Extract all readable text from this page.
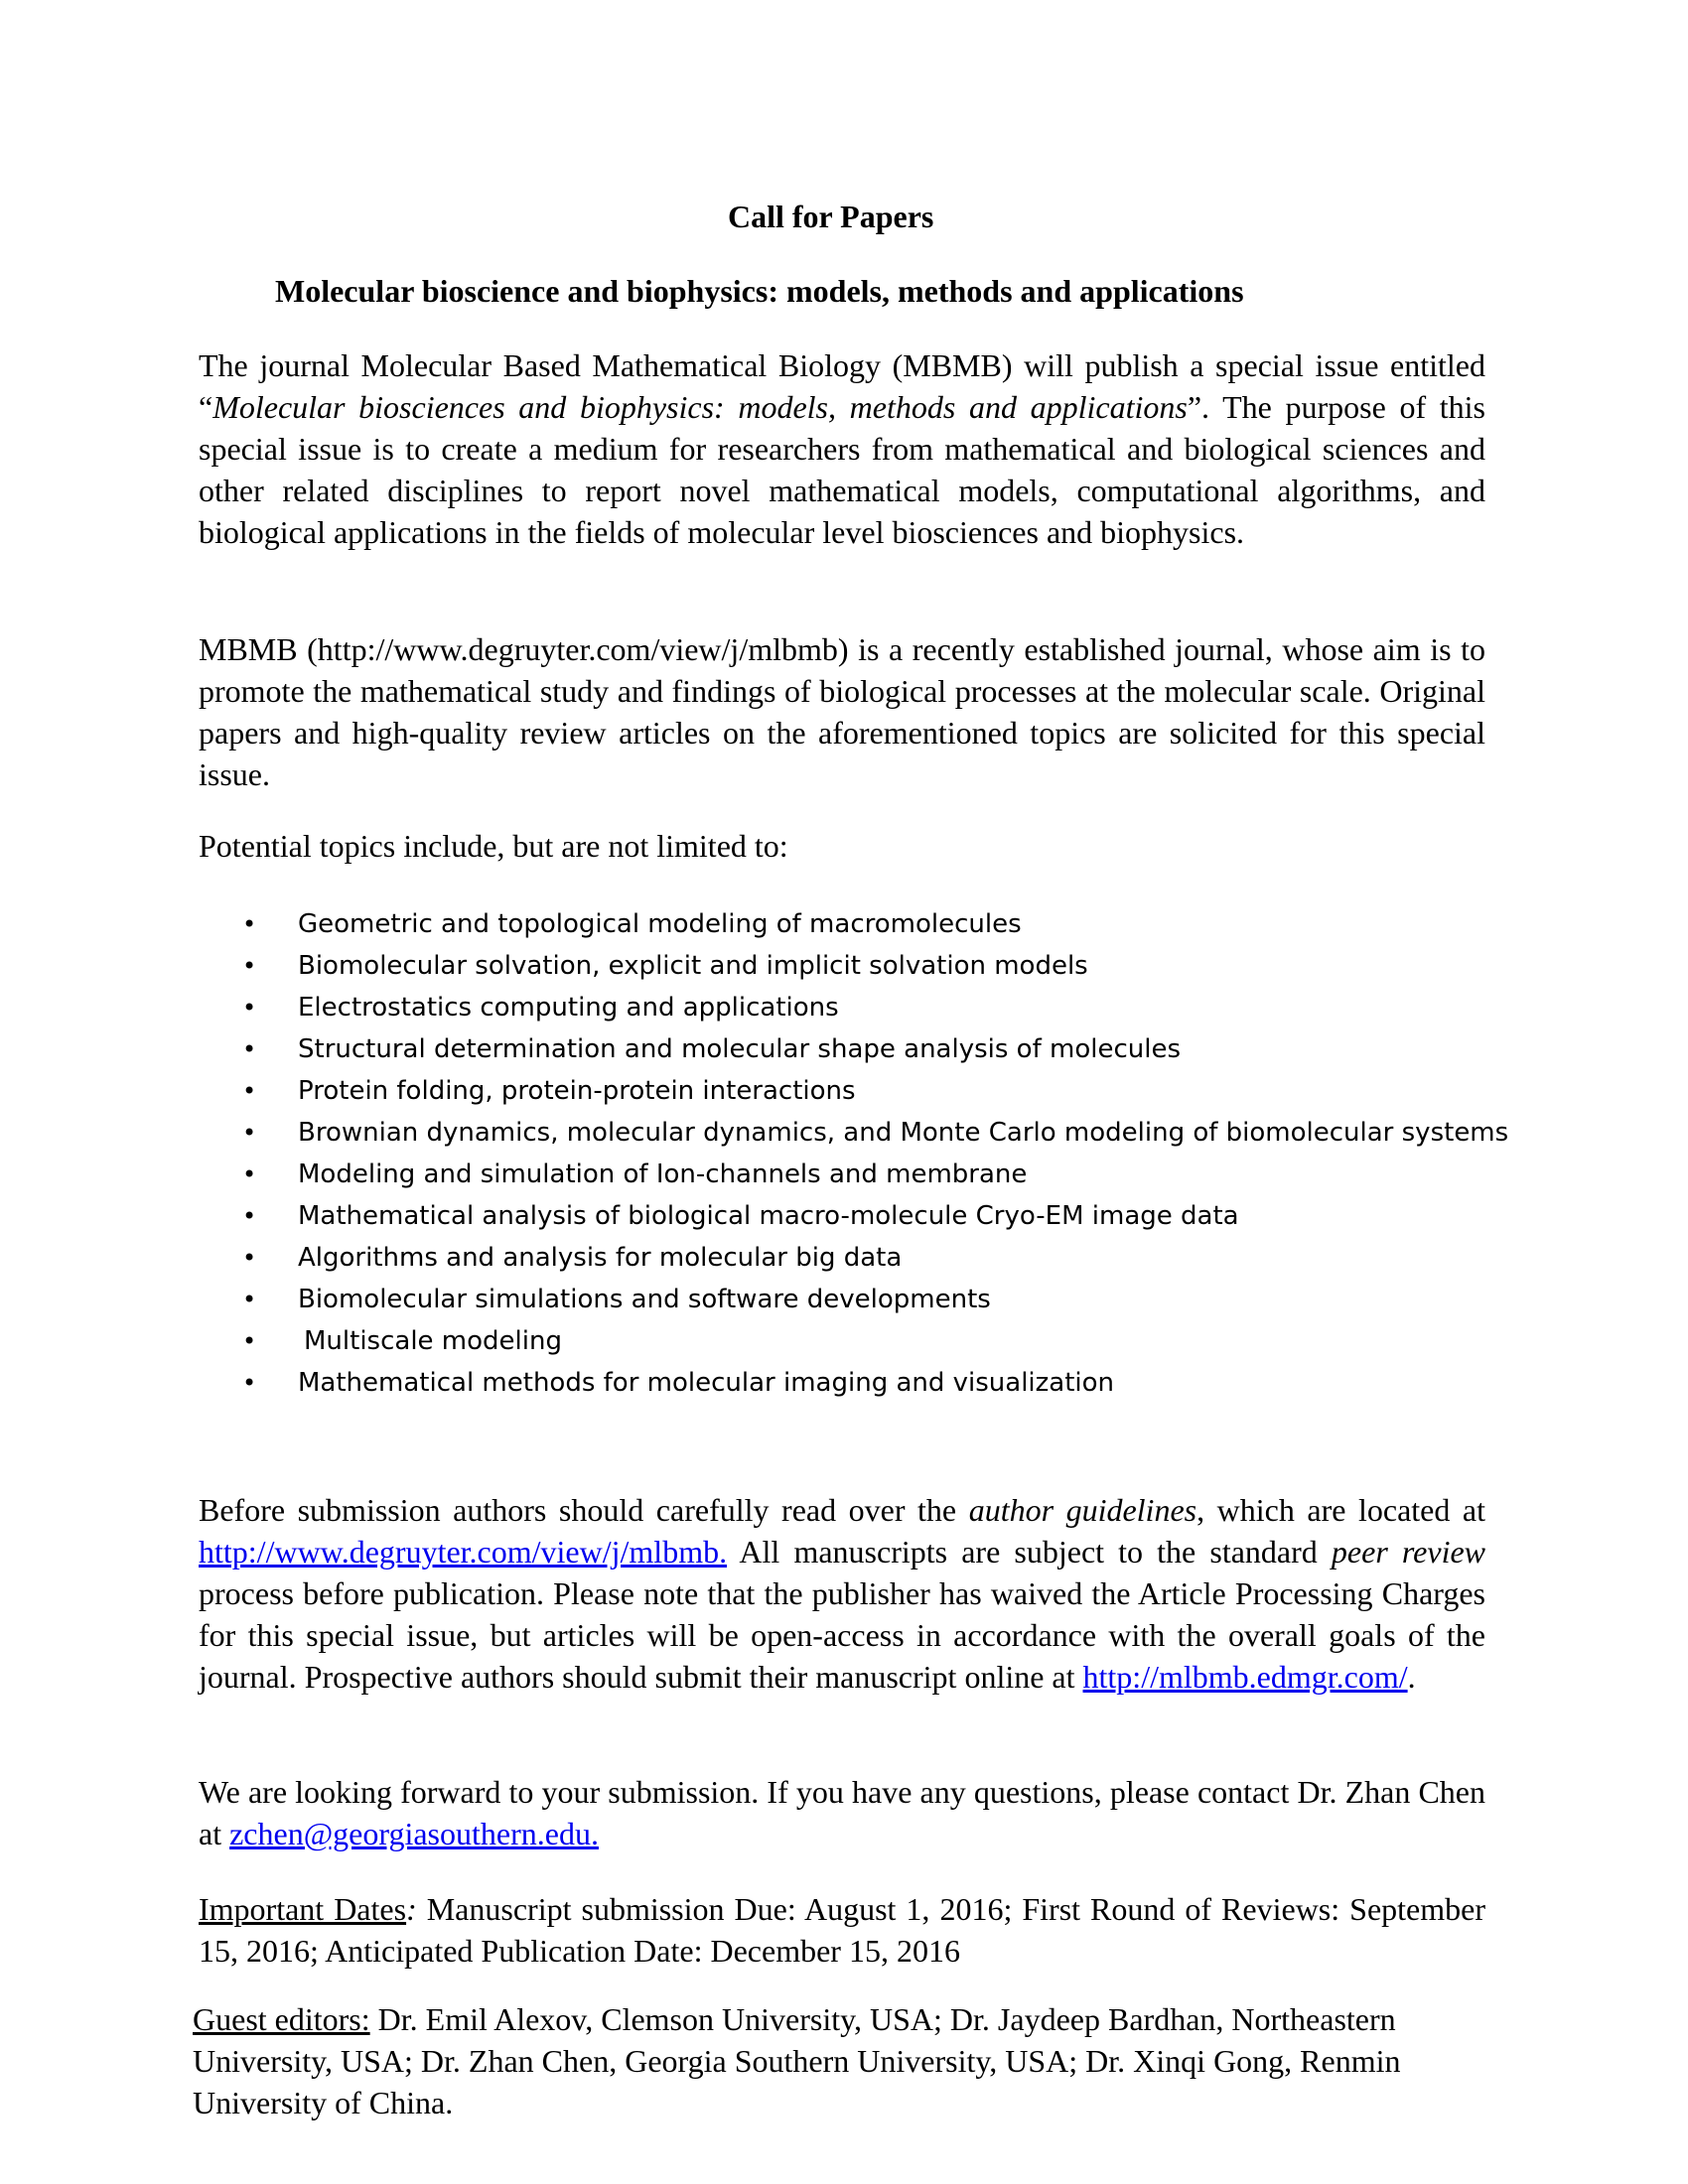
Call for Papers
Molecular bioscience and biophysics: models, methods and applications

The journal Molecular Based Mathematical Biology (MBMB) will publish a special issue entitled “Molecular biosciences and biophysics: models, methods and applications”. The purpose of this special issue is to create a medium for researchers from mathematical and biological sciences and other related disciplines to report novel mathematical models, computational algorithms, and biological applications in the fields of molecular level biosciences and biophysics.

MBMB (http://www.degruyter.com/view/j/mlbmb) is a recently established journal, whose aim is to promote the mathematical study and findings of biological processes at the molecular scale. Original papers and high-quality review articles on the aforementioned topics are solicited for this special issue.

Potential topics include, but are not limited to:

• Geometric and topological modeling of macromolecules
• Biomolecular solvation, explicit and implicit solvation models
• Electrostatics computing and applications
• Structural determination and molecular shape analysis of molecules
• Protein folding, protein-protein interactions
• Brownian dynamics, molecular dynamics, and Monte Carlo modeling of biomolecular systems
• Modeling and simulation of Ion-channels and membrane
• Mathematical analysis of biological macro-molecule Cryo-EM image data
• Algorithms and analysis for molecular big data
• Biomolecular simulations and software developments
• Multiscale modeling
• Mathematical methods for molecular imaging and visualization

Before submission authors should carefully read over the author guidelines, which are located at http://www.degruyter.com/view/j/mlbmb. All manuscripts are subject to the standard peer review process before publication. Please note that the publisher has waived the Article Processing Charges for this special issue, but articles will be open-access in accordance with the overall goals of the journal. Prospective authors should submit their manuscript online at http://mlbmb.edmgr.com/.

We are looking forward to your submission. If you have any questions, please contact Dr. Zhan Chen at zchen@georgiasouthern.edu.

Important Dates: Manuscript submission Due: August 1, 2016; First Round of Reviews: September 15, 2016; Anticipated Publication Date: December 15, 2016

Guest editors: Dr. Emil Alexov, Clemson University, USA; Dr. Jaydeep Bardhan, Northeastern University, USA; Dr. Zhan Chen, Georgia Southern University, USA; Dr. Xinqi Gong, Renmin University of China.
